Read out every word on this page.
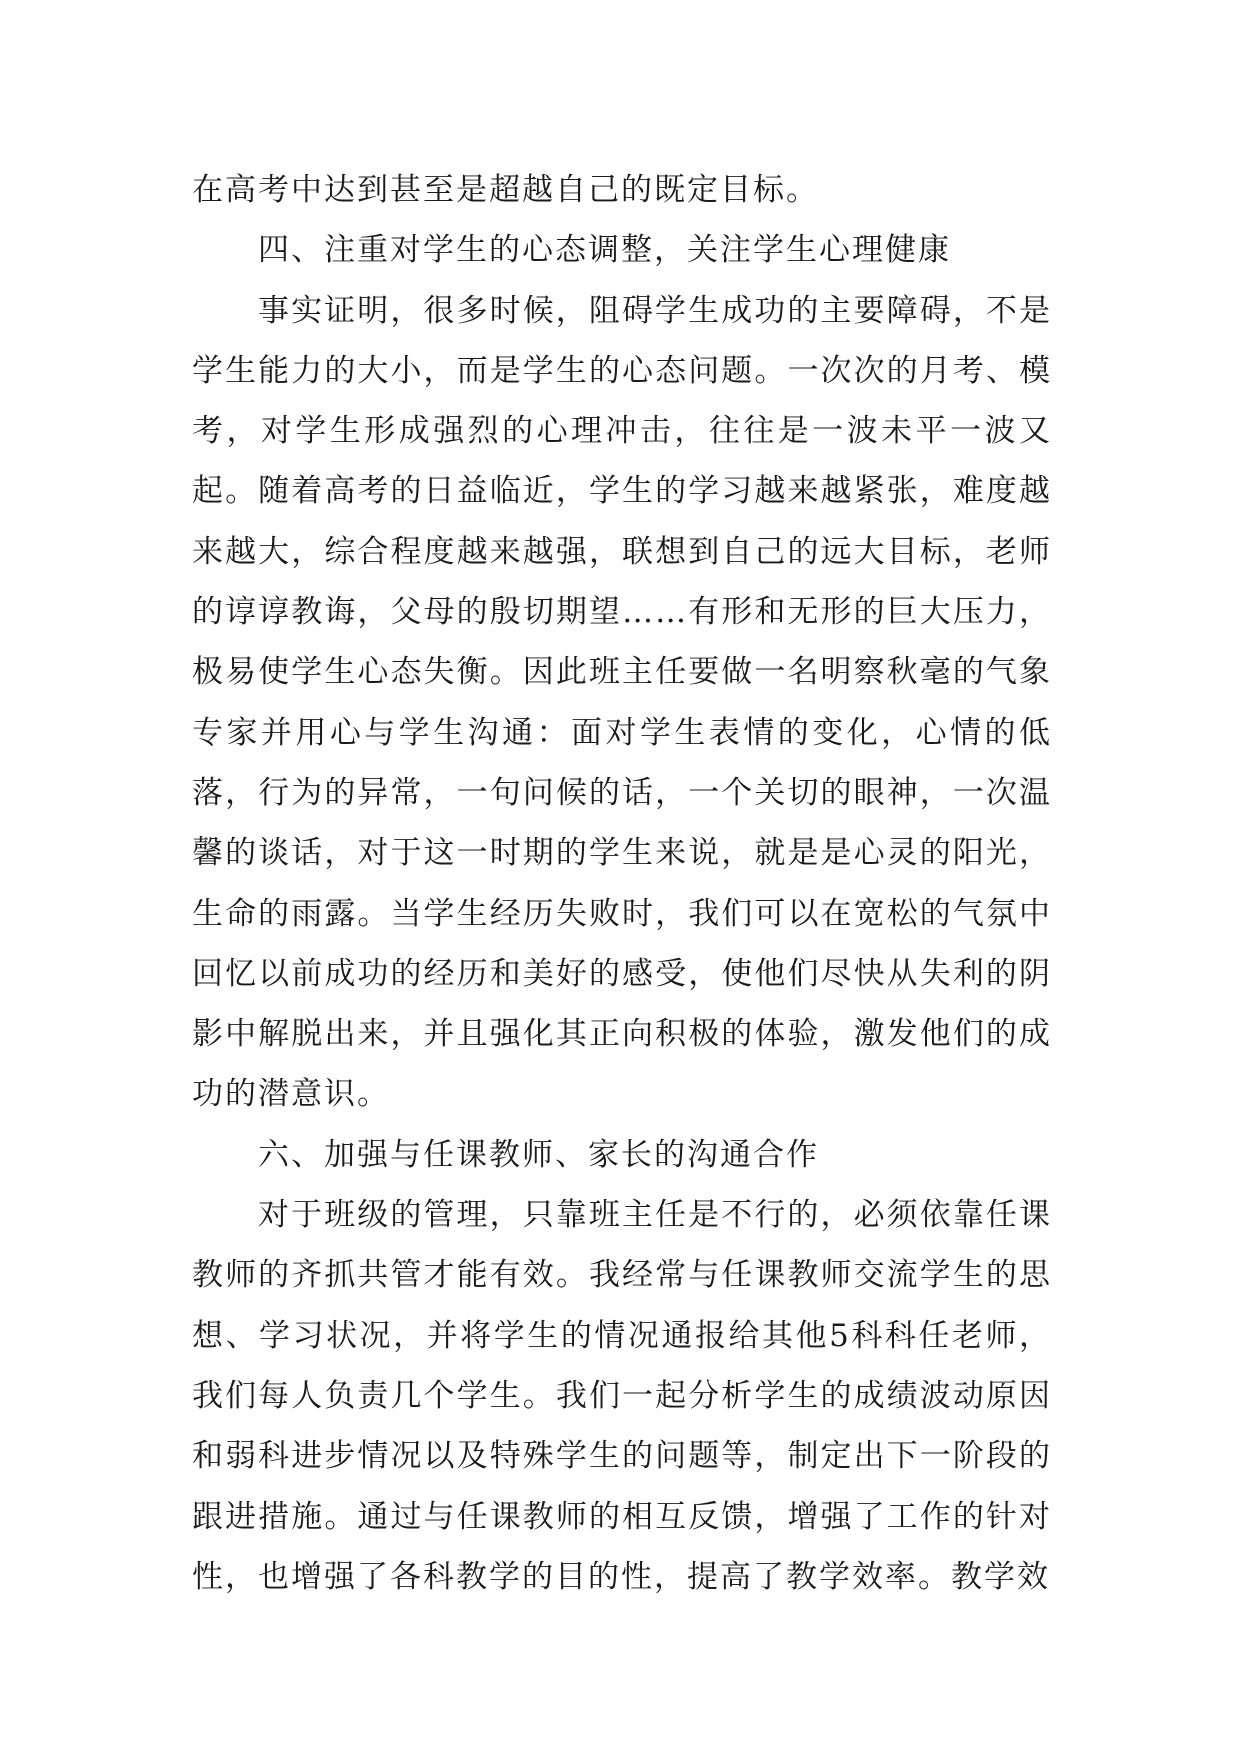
在高考中达到甚至是超越自己的既定目标。

四、注重对学生的心态调整，关注学生心理健康

事实证明，很多时候，阻碍学生成功的主要障碍，不是学生能力的大小，而是学生的心态问题。一次次的月考、模考，对学生形成强烈的心理冲击，往往是一波未平一波又起。随着高考的日益临近，学生的学习越来越紧张，难度越来越大，综合程度越来越强，联想到自己的远大目标，老师的谆谆教诲，父母的殷切期望……有形和无形的巨大压力，极易使学生心态失衡。因此班主任要做一名明察秋毫的气象专家并用心与学生沟通：面对学生表情的变化，心情的低落，行为的异常，一句问候的话，一个关切的眼神，一次温馨的谈话，对于这一时期的学生来说，就是是心灵的阳光，生命的雨露。当学生经历失败时，我们可以在宽松的气氛中回忆以前成功的经历和美好的感受，使他们尽快从失利的阴影中解脱出来，并且强化其正向积极的体验，激发他们的成功的潜意识。

六、加强与任课教师、家长的沟通合作

对于班级的管理，只靠班主任是不行的，必须依靠任课教师的齐抓共管才能有效。我经常与任课教师交流学生的思想、学习状况，并将学生的情况通报给其他5科科任老师，我们每人负责几个学生。我们一起分析学生的成绩波动原因和弱科进步情况以及特殊学生的问题等，制定出下一阶段的跟进措施。通过与任课教师的相互反馈，增强了工作的针对性，也增强了各科教学的目的性，提高了教学效率。教学效
